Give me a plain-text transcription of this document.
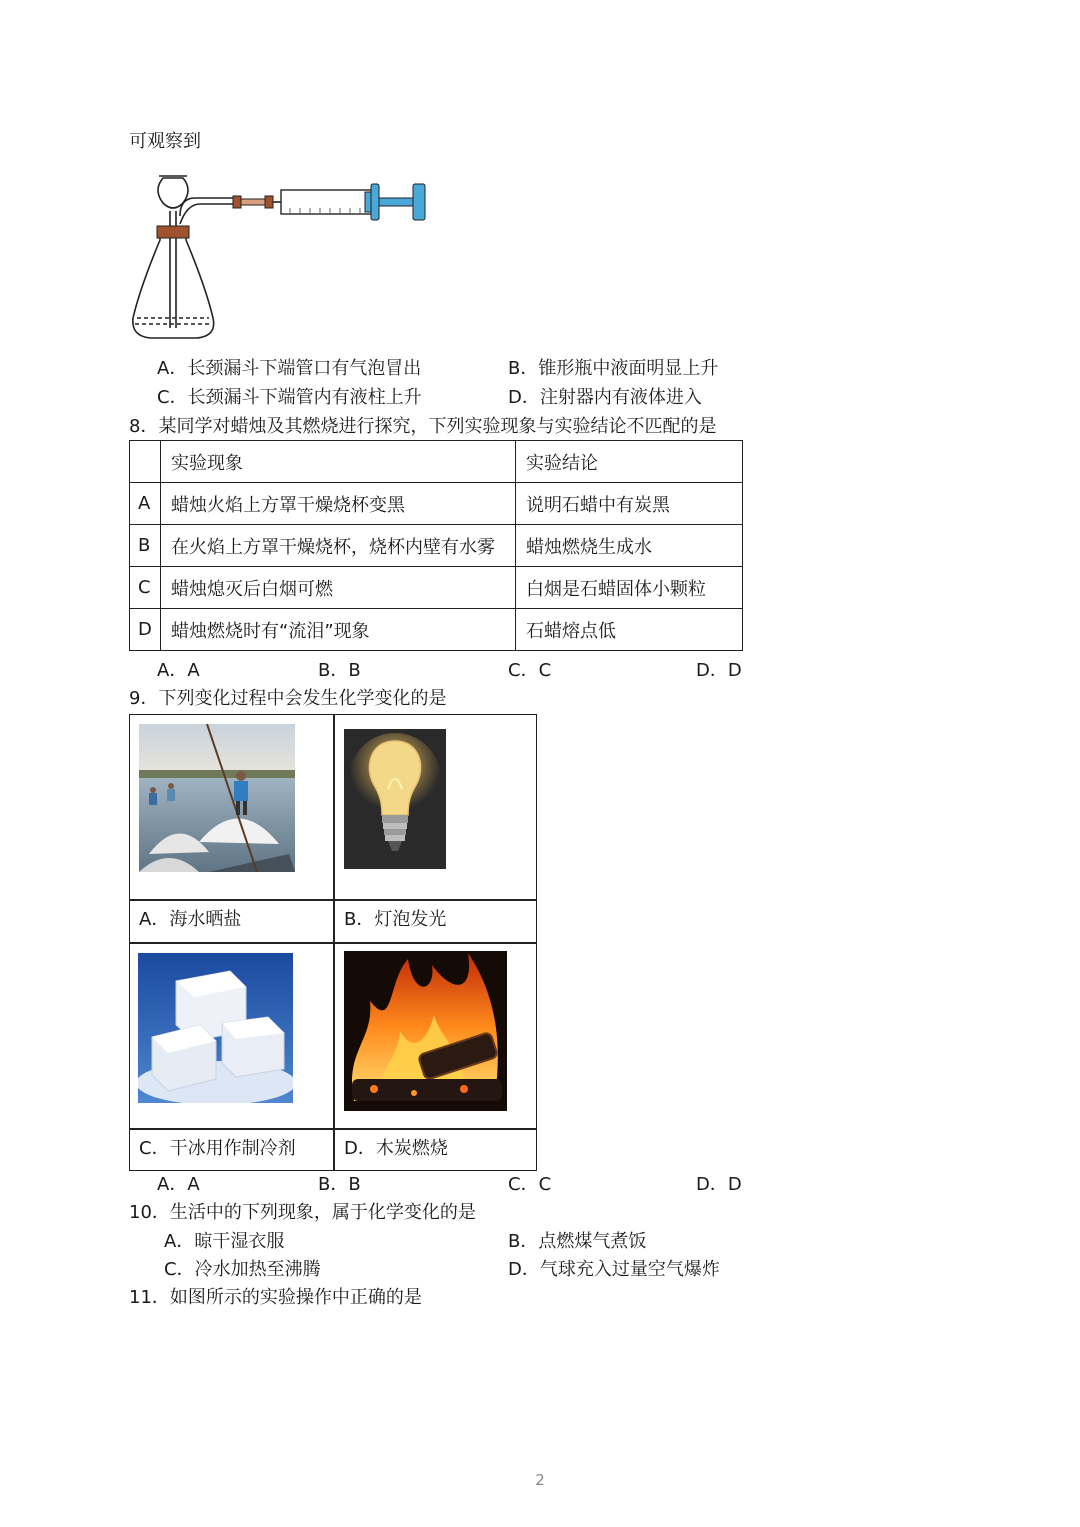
可观察到
A．长颈漏斗下端管口有气泡冒出	B．锥形瓶中液面明显上升
C．长颈漏斗下端管内有液柱上升	D．注射器内有液体进入
8．某同学对蜡烛及其燃烧进行探究，下列实验现象与实验结论不匹配的是
	实验现象	实验结论
A	蜡烛火焰上方罩干燥烧杯变黑	说明石蜡中有炭黑
B	在火焰上方罩干燥烧杯，烧杯内壁有水雾	蜡烛燃烧生成水
C	蜡烛熄灭后白烟可燃	白烟是石蜡固体小颗粒
D	蜡烛燃烧时有“流泪”现象	石蜡熔点低
A．A	B．B	C．C	D．D
9．下列变化过程中会发生化学变化的是
A．海水晒盐	B．灯泡发光
C．干冰用作制冷剂	D．木炭燃烧
A．A	B．B	C．C	D．D
10．生活中的下列现象，属于化学变化的是
A．晾干湿衣服	B．点燃煤气煮饭
C．冷水加热至沸腾	D．气球充入过量空气爆炸
11．如图所示的实验操作中正确的是
2
